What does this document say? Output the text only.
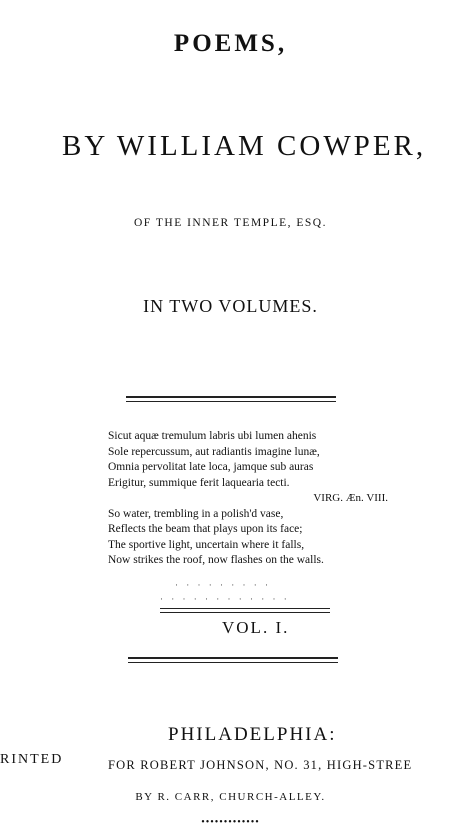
POEMS,
BY WILLIAM COWPER,
OF THE INNER TEMPLE, ESQ.
IN TWO VOLUMES.
Sicut aquæ tremulum labris ubi lumen ahenis
Sole repercussum, aut radiantis imagine lunæ,
Omnia pervolitat late loca, jamque sub auras
Erigitur, summique ferit laquearia tecti.
VIRG. Æn. VIII.
So water, trembling in a polish'd vase,
Reflects the beam that plays upon its face;
The sportive light, uncertain where it falls,
Now strikes the roof, now flashes on the walls.
· · · · · · · · ·
· · · · · · · · · · · ·
VOL. I.
PHILADELPHIA:
RINTED	FOR ROBERT JOHNSON, NO. 31, HIGH-STREE
BY R. CARR, CHURCH-ALLEY.
•••••••••••••
